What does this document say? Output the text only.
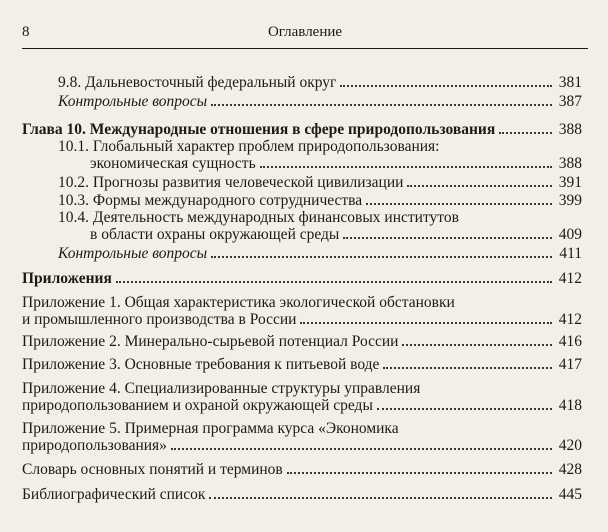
8	Оглавление
9.8. Дальневосточный федеральный округ	381
Контрольные вопросы	387
Глава 10. Международные отношения в сфере природопользования	388
10.1. Глобальный характер проблем природопользования:
экономическая сущность	388
10.2. Прогнозы развития человеческой цивилизации	391
10.3. Формы международного сотрудничества	399
10.4. Деятельность международных финансовых институтов
в области охраны окружающей среды	409
Контрольные вопросы	411
Приложения	412
Приложение 1. Общая характеристика экологической обстановки
и промышленного производства в России	412
Приложение 2. Минерально-сырьевой потенциал России	416
Приложение 3. Основные требования к питьевой воде	417
Приложение 4. Специализированные структуры управления
природопользованием и охраной окружающей среды	418
Приложение 5. Примерная программа курса «Экономика
природопользования»	420
Словарь основных понятий и терминов	428
Библиографический список	445
